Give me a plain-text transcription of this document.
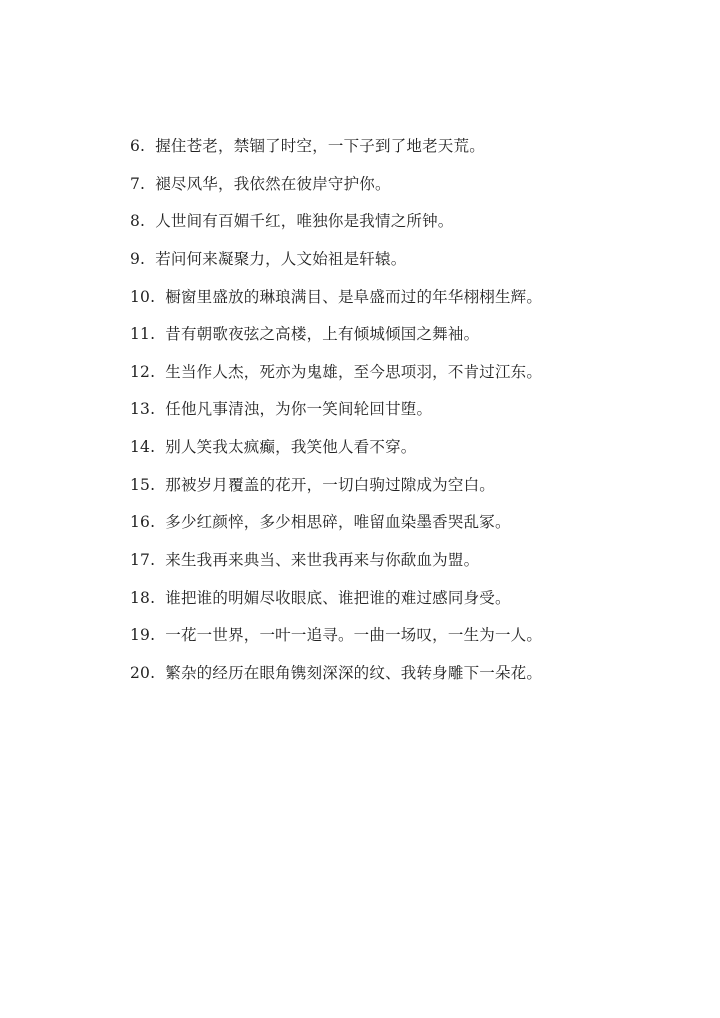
6. 握住苍老，禁锢了时空，一下子到了地老天荒。
7. 褪尽风华，我依然在彼岸守护你。
8. 人世间有百媚千红，唯独你是我情之所钟。
9. 若问何来凝聚力，人文始祖是轩辕。
10. 橱窗里盛放的琳琅满目、是阜盛而过的年华栩栩生辉。
11. 昔有朝歌夜弦之高楼，上有倾城倾国之舞袖。
12. 生当作人杰，死亦为鬼雄，至今思项羽，不肯过江东。
13. 任他凡事清浊，为你一笑间轮回甘堕。
14. 别人笑我太疯癫，我笑他人看不穿。
15. 那被岁月覆盖的花开，一切白驹过隙成为空白。
16. 多少红颜悴，多少相思碎，唯留血染墨香哭乱冢。
17. 来生我再来典当、来世我再来与你歃血为盟。
18. 谁把谁的明媚尽收眼底、谁把谁的难过感同身受。
19. 一花一世界，一叶一追寻。一曲一场叹，一生为一人。
20. 繁杂的经历在眼角镌刻深深的纹、我转身雕下一朵花。
